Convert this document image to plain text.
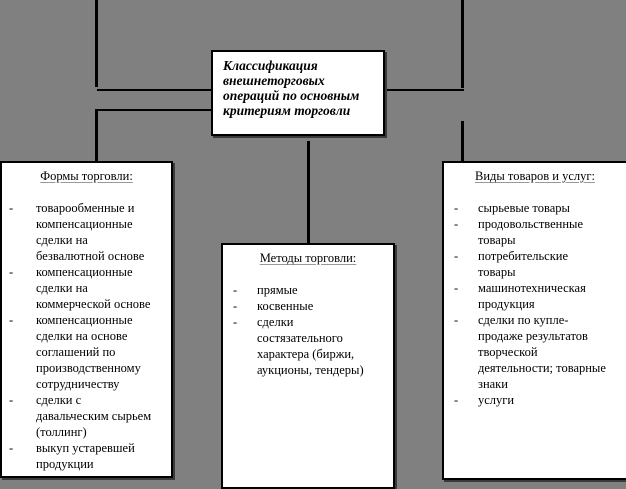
Классификация
внешнеторговых
операций по основным
критериям торговли
Формы торговли:
- товарообменные и
компенсационные
сделки на
безвалютной основе
- компенсационные
сделки на
коммерческой основе
- компенсационные
сделки на основе
соглашений по
производственному
сотрудничеству
- сделки с
давальческим сырьем
(толлинг)
- выкуп устаревшей
продукции
Методы торговли:
- прямые
- косвенные
- сделки
состязательного
характера (биржи,
аукционы, тендеры)
Виды товаров и услуг:
- сырьевые товары
- продовольственные
товары
- потребительские
товары
- машинотехническая
продукция
- сделки по купле-
продаже результатов
творческой
деятельности; товарные
знаки
- услуги
